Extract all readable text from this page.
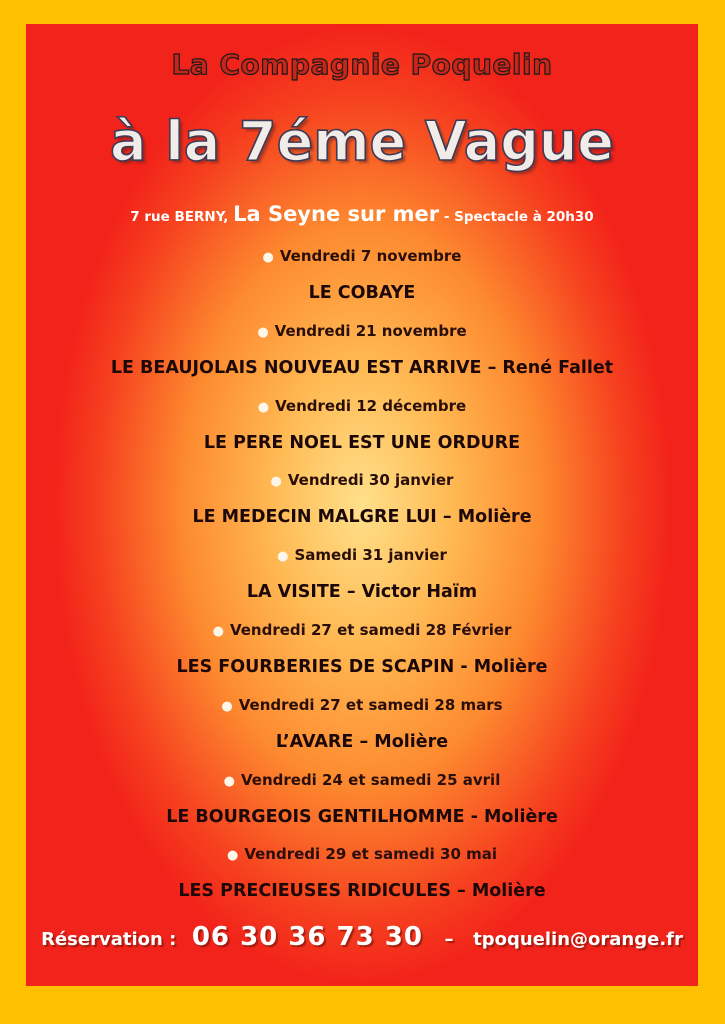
La Compagnie Poquelin
à la 7éme Vague
7 rue BERNY, La Seyne sur mer - Spectacle à 20h30
● Vendredi 7 novembre
LE COBAYE
● Vendredi 21 novembre
LE BEAUJOLAIS NOUVEAU EST ARRIVE – René Fallet
● Vendredi 12 décembre
LE PERE NOEL EST UNE ORDURE
● Vendredi 30 janvier
LE MEDECIN MALGRE LUI – Molière
● Samedi 31 janvier
LA VISITE – Victor Haïm
● Vendredi 27 et samedi 28 Février
LES FOURBERIES DE SCAPIN - Molière
● Vendredi 27 et samedi 28 mars
L’AVARE – Molière
● Vendredi 24 et samedi 25 avril
LE BOURGEOIS GENTILHOMME - Molière
● Vendredi 29 et samedi 30 mai
LES PRECIEUSES RIDICULES – Molière
Réservation : 06 30 36 73 30 – tpoquelin@orange.fr
